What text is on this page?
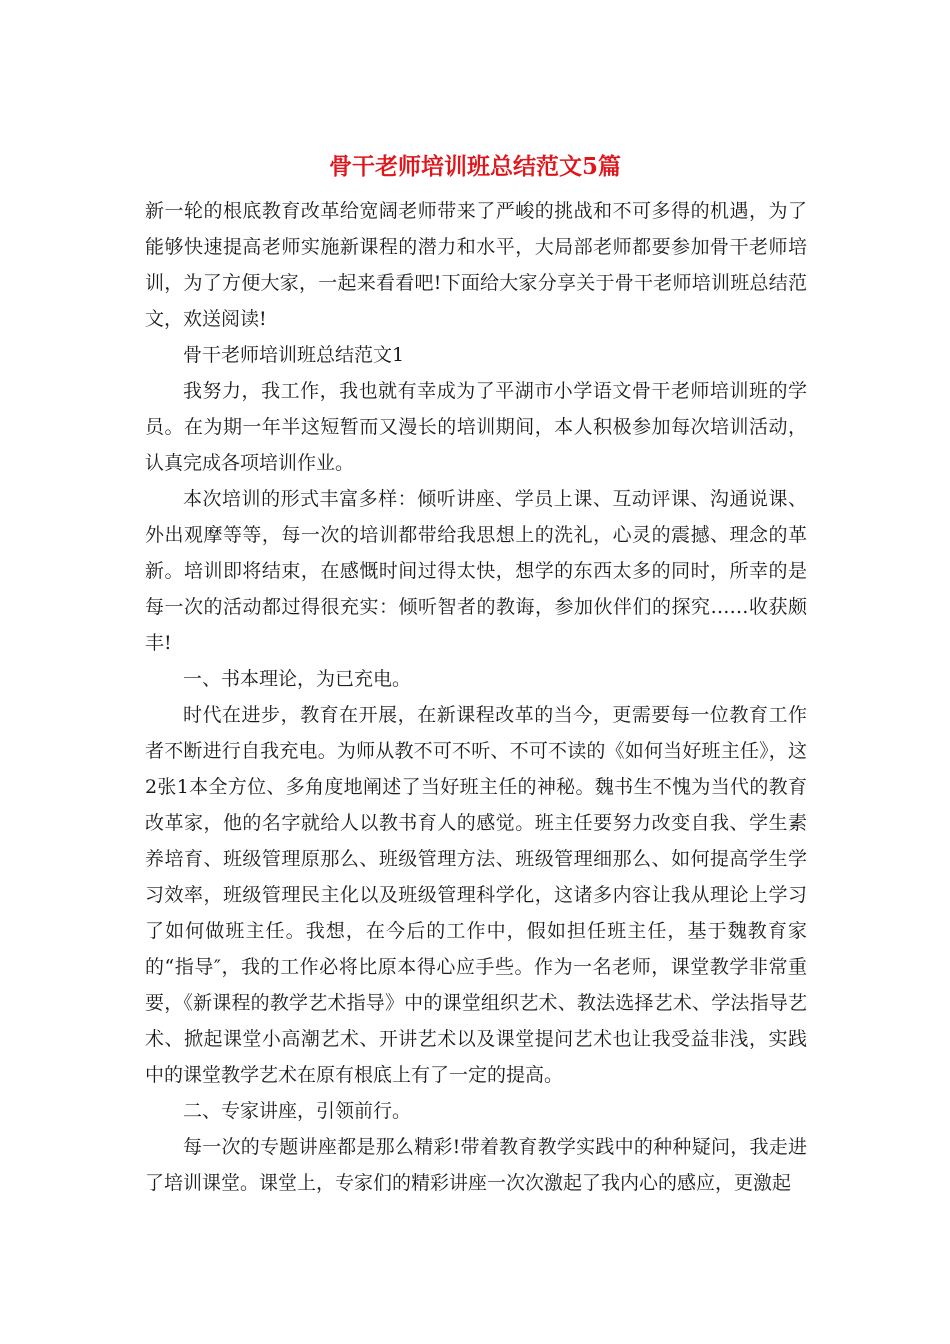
骨干老师培训班总结范文5篇

新一轮的根底教育改革给宽阔老师带来了严峻的挑战和不可多得的机遇，为了能够快速提高老师实施新课程的潜力和水平，大局部老师都要参加骨干老师培训，为了方便大家，一起来看看吧!下面给大家分享关于骨干老师培训班总结范文，欢送阅读!

骨干老师培训班总结范文1

我努力，我工作，我也就有幸成为了平湖市小学语文骨干老师培训班的学员。在为期一年半这短暂而又漫长的培训期间，本人积极参加每次培训活动，认真完成各项培训作业。

本次培训的形式丰富多样：倾听讲座、学员上课、互动评课、沟通说课、外出观摩等等，每一次的培训都带给我思想上的洗礼，心灵的震撼、理念的革新。培训即将结束，在感慨时间过得太快，想学的东西太多的同时，所幸的是每一次的活动都过得很充实：倾听智者的教诲，参加伙伴们的探究……收获颇丰!

一、书本理论，为已充电。

时代在进步，教育在开展，在新课程改革的当今，更需要每一位教育工作者不断进行自我充电。为师从教不可不听、不可不读的《如何当好班主任》，这2张1本全方位、多角度地阐述了当好班主任的神秘。魏书生不愧为当代的教育改革家，他的名字就给人以教书育人的感觉。班主任要努力改变自我、学生素养培育、班级管理原那么、班级管理方法、班级管理细那么、如何提高学生学习效率，班级管理民主化以及班级管理科学化，这诸多内容让我从理论上学习了如何做班主任。我想，在今后的工作中，假如担任班主任，基于魏教育家的“指导″，我的工作必将比原本得心应手些。作为一名老师，课堂教学非常重要，《新课程的教学艺术指导》中的课堂组织艺术、教法选择艺术、学法指导艺术、掀起课堂小高潮艺术、开讲艺术以及课堂提问艺术也让我受益非浅，实践中的课堂教学艺术在原有根底上有了一定的提高。

二、专家讲座，引领前行。

每一次的专题讲座都是那么精彩!带着教育教学实践中的种种疑问，我走进了培训课堂。课堂上，专家们的精彩讲座一次次激起了我内心的感应，更激起
